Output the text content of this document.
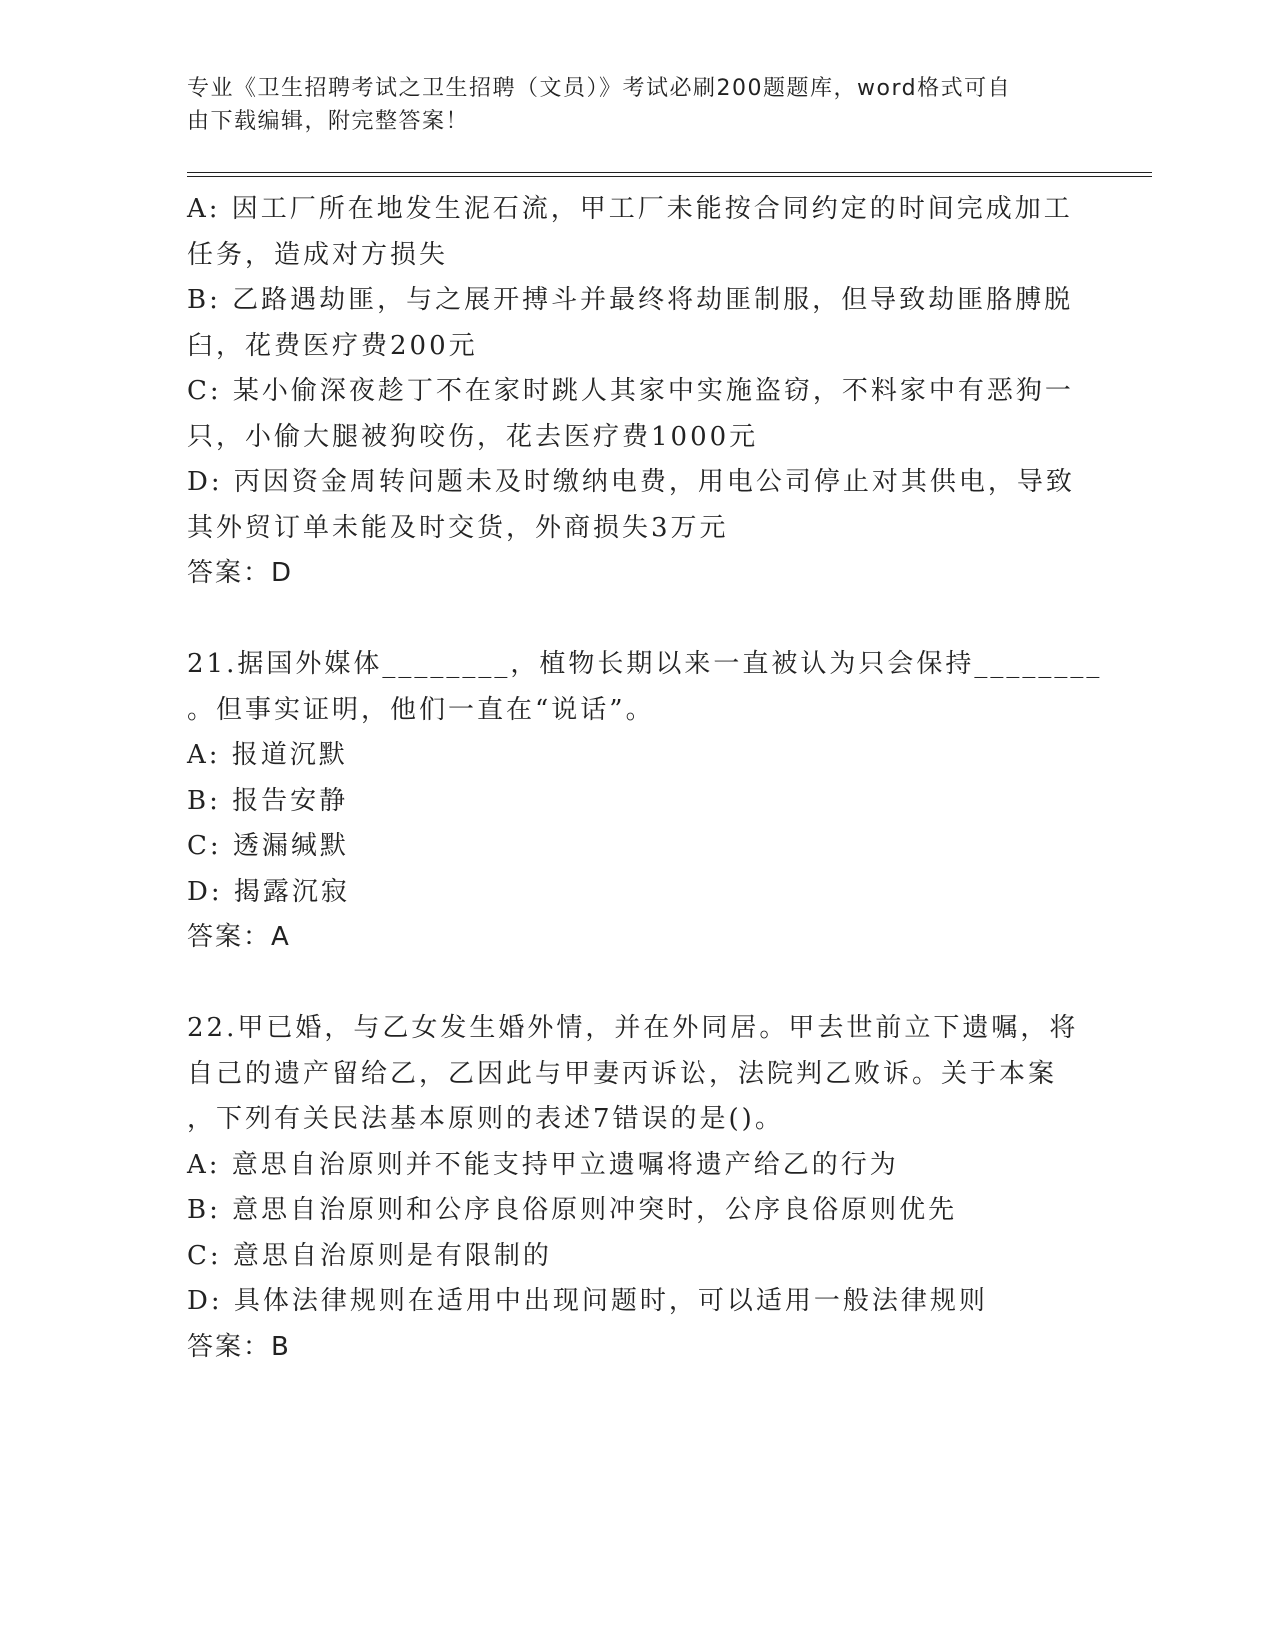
专业《卫生招聘考试之卫生招聘（文员）》考试必刷200题题库，word格式可自
由下载编辑，附完整答案！
A: 因工厂所在地发生泥石流，甲工厂未能按合同约定的时间完成加工
任务，造成对方损失
B: 乙路遇劫匪，与之展开搏斗并最终将劫匪制服，但导致劫匪胳膊脱
臼，花费医疗费200元
C: 某小偷深夜趁丁不在家时跳人其家中实施盗窃，不料家中有恶狗一
只，小偷大腿被狗咬伤，花去医疗费1000元
D: 丙因资金周转问题未及时缴纳电费，用电公司停止对其供电，导致
其外贸订单未能及时交货，外商损失3万元
答案：D
21.据国外媒体________，植物长期以来一直被认为只会保持________
。但事实证明，他们一直在“说话”。
A: 报道沉默
B: 报告安静
C: 透漏缄默
D: 揭露沉寂
答案：A
22.甲已婚，与乙女发生婚外情，并在外同居。甲去世前立下遗嘱，将
自己的遗产留给乙，乙因此与甲妻丙诉讼，法院判乙败诉。关于本案
，下列有关民法基本原则的表述7错误的是()。
A: 意思自治原则并不能支持甲立遗嘱将遗产给乙的行为
B: 意思自治原则和公序良俗原则冲突时，公序良俗原则优先
C: 意思自治原则是有限制的
D: 具体法律规则在适用中出现问题时，可以适用一般法律规则
答案：B
